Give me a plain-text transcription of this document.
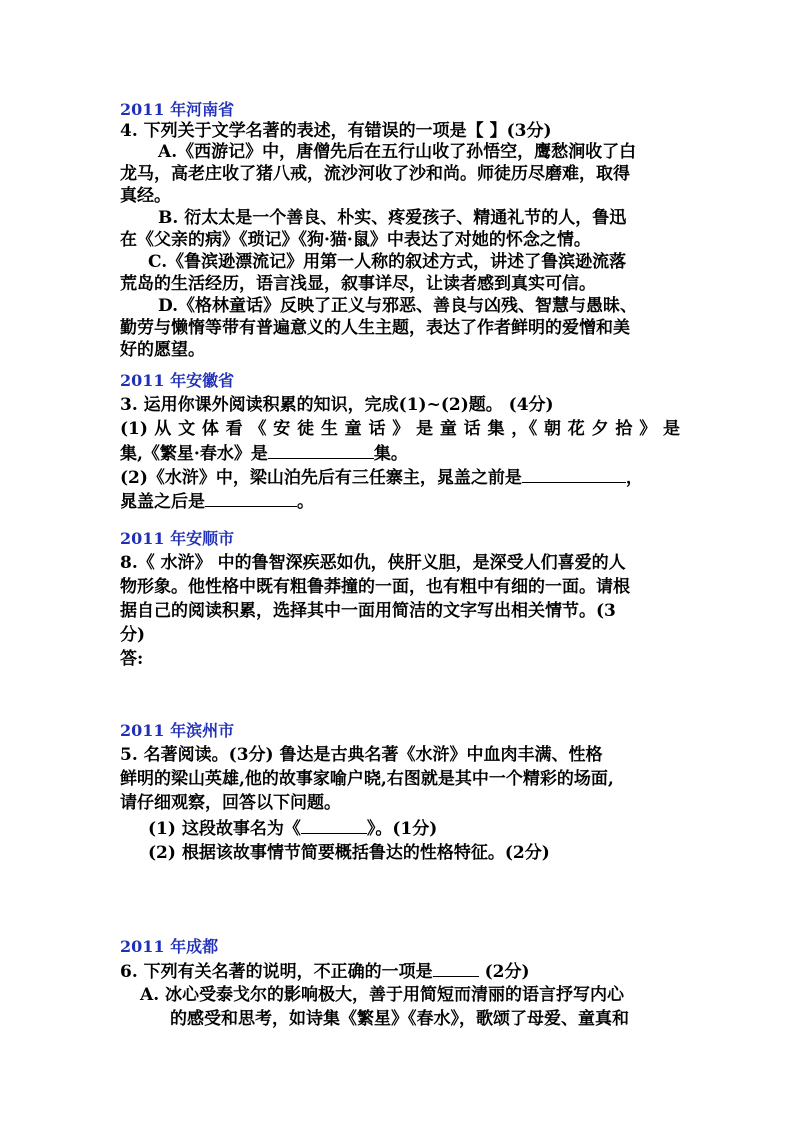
2011 年河南省
4. 下列关于文学名著的表述，有错误的一项是【 】(3分)
A.《西游记》中，唐僧先后在五行山收了孙悟空，鹰愁涧收了白
龙马，高老庄收了猪八戒，流沙河收了沙和尚。师徒历尽磨难，取得
真经。
B. 衍太太是一个善良、朴实、疼爱孩子、精通礼节的人，鲁迅
在《父亲的病》《琐记》《狗·猫·鼠》中表达了对她的怀念之情。
C.《鲁滨逊漂流记》用第一人称的叙述方式，讲述了鲁滨逊流落
荒岛的生活经历，语言浅显，叙事详尽，让读者感到真实可信。
D.《格林童话》反映了正义与邪恶、善良与凶残、智慧与愚昧、
勤劳与懒惰等带有普遍意义的人生主题，表达了作者鲜明的爱憎和美
好的愿望。
2011 年安徽省
3. 运用你课外阅读积累的知识，完成(1)~(2)题。 (4分)
(1) 从 文 体 看 《 安 徒 生 童 话 》 是 童 话 集 ，《 朝 花 夕 拾 》 是
集,《繁星·春水》是	集。
(2)《水浒》中，梁山泊先后有三任寨主，晁盖之前是	，
晁盖之后是	。
2011 年安顺市
8.《 水浒》 中的鲁智深疾恶如仇，侠肝义胆，是深受人们喜爱的人
物形象。他性格中既有粗鲁莽撞的一面，也有粗中有细的一面。请根
据自己的阅读积累，选择其中一面用简洁的文字写出相关情节。(3
分)
答:
2011 年滨州市
5. 名著阅读。(3分) 鲁达是古典名著《水浒》中血肉丰满、性格
鲜明的梁山英雄,他的故事家喻户晓,右图就是其中一个精彩的场面,
请仔细观察，回答以下问题。
(1) 这段故事名为《	》。(1分)
(2) 根据该故事情节简要概括鲁达的性格特征。(2分)
2011 年成都
6. 下列有关名著的说明，不正确的一项是	(2分)
A. 冰心受泰戈尔的影响极大，善于用简短而清丽的语言抒写内心
的感受和思考，如诗集《繁星》《春水》，歌颂了母爱、童真和
